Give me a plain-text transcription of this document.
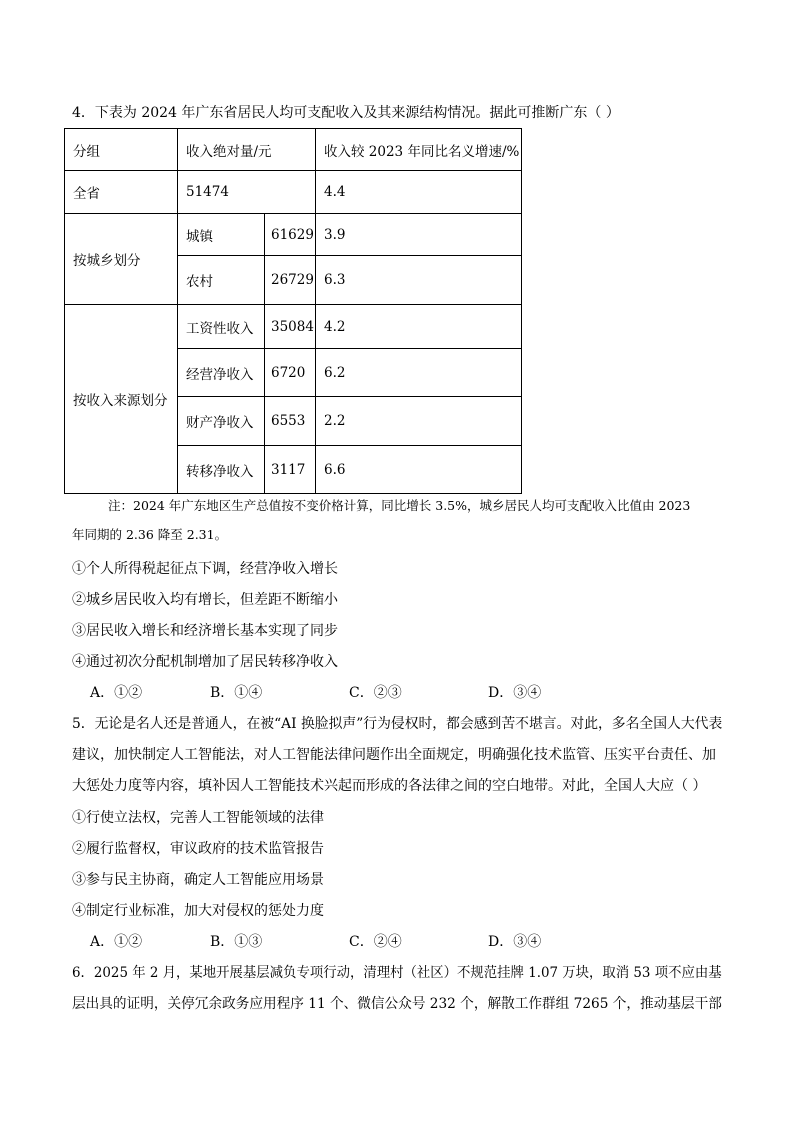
4．下表为 2024 年广东省居民人均可支配收入及其来源结构情况。据此可推断广东（ ）
分组	收入绝对量/元		收入较 2023 年同比名义增速/%
全省	51474		4.4
按城乡划分	城镇	61629	3.9
	农村	26729	6.3
按收入来源划分	工资性收入	35084	4.2
	经营净收入	6720	6.2
	财产净收入	6553	2.2
	转移净收入	3117	6.6
注：2024 年广东地区生产总值按不变价格计算，同比增长 3.5%，城乡居民人均可支配收入比值由 2023
年同期的 2.36 降至 2.31。
①个人所得税起征点下调，经营净收入增长
②城乡居民收入均有增长，但差距不断缩小
③居民收入增长和经济增长基本实现了同步
④通过初次分配机制增加了居民转移净收入
A．①②	B．①④	C．②③	D．③④
5．无论是名人还是普通人，在被“AI 换脸拟声”行为侵权时，都会感到苦不堪言。对此，多名全国人大代表
建议，加快制定人工智能法，对人工智能法律问题作出全面规定，明确强化技术监管、压实平台责任、加
大惩处力度等内容，填补因人工智能技术兴起而形成的各法律之间的空白地带。对此，全国人大应（ ）
①行使立法权，完善人工智能领域的法律
②履行监督权，审议政府的技术监管报告
③参与民主协商，确定人工智能应用场景
④制定行业标准，加大对侵权的惩处力度
A．①②	B．①③	C．②④	D．③④
6．2025 年 2 月，某地开展基层减负专项行动，清理村（社区）不规范挂牌 1.07 万块，取消 53 项不应由基
层出具的证明，关停冗余政务应用程序 11 个、微信公众号 232 个，解散工作群组 7265 个，推动基层干部
